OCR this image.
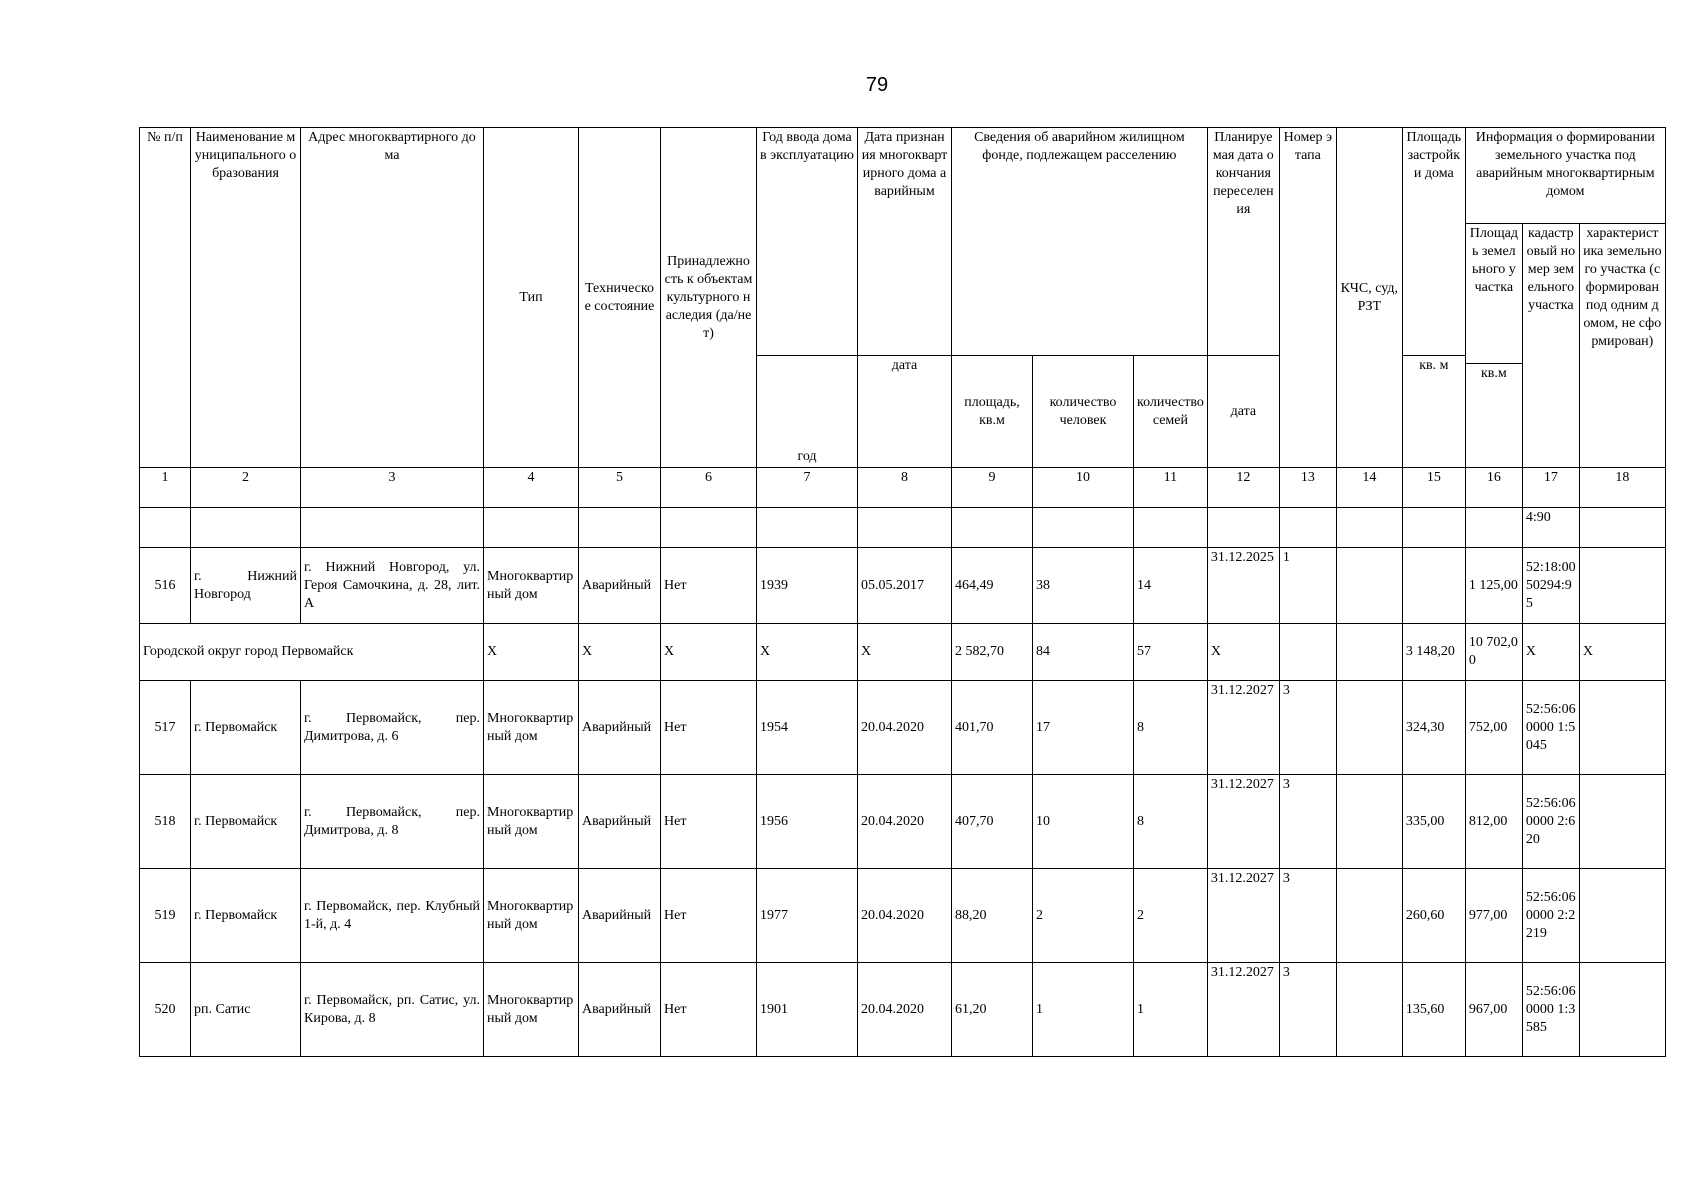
79
№ п/п	Наименование муниципального образования	Адрес многоквартирного дома	Тип	Техническое состояние	Принадлежность к объектам культурного наследия (да/нет)	Год ввода дома в эксплуатацию	Дата признания многоквартирного дома аварийным	Сведения об аварийном жилищном фонде, подлежащем расселению			Планируемая дата окончания переселения	Номер этапа	КЧС, суд, РЗТ	Площадь застройки дома	Информация о формировании земельного участка под аварийным многоквартирным домом		
															Площадь земельного участка	кадастровый номер земельного участка	характеристика земельного участка (сформирован под одним домом, не сформирован)
						год	дата	площадь, кв.м	количество человек	количество семей	дата			кв. м			
															кв.м		
1	2	3	4	5	6	7	8	9	10	11	12	13	14	15	16	17	18
																4:90	
516	г. Нижний Новгород	г. Нижний Новгород, ул. Героя Самочкина, д. 28, лит. А	Многоквартирный дом	Аварийный	Нет	1939	05.05.2017	464,49	38	14	31.12.2025	1			1 125,00	52:18:0050294:95	
Городской округ город Первомайск			X	X	X	X	X	2 582,70	84	57	X			3 148,20	10 702,00	X	X
517	г. Первомайск	г. Первомайск, пер. Димитрова, д. 6	Многоквартирный дом	Аварийный	Нет	1954	20.04.2020	401,70	17	8	31.12.2027	3		324,30	752,00	52:56:060000 1:5045	
518	г. Первомайск	г. Первомайск, пер. Димитрова, д. 8	Многоквартирный дом	Аварийный	Нет	1956	20.04.2020	407,70	10	8	31.12.2027	3		335,00	812,00	52:56:060000 2:620	
519	г. Первомайск	г. Первомайск, пер. Клубный 1-й, д. 4	Многоквартирный дом	Аварийный	Нет	1977	20.04.2020	88,20	2	2	31.12.2027	3		260,60	977,00	52:56:060000 2:2219	
520	рп. Сатис	г. Первомайск, рп. Сатис, ул. Кирова, д. 8	Многоквартирный дом	Аварийный	Нет	1901	20.04.2020	61,20	1	1	31.12.2027	3		135,60	967,00	52:56:060000 1:3585	
